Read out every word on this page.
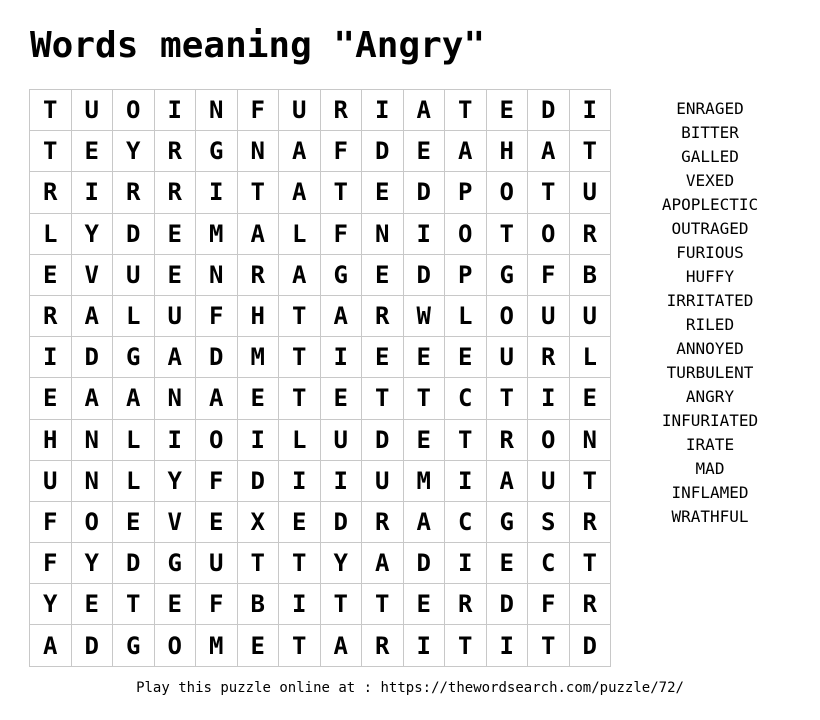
Words meaning "Angry"
T	U	O	I	N	F	U	R	I	A	T	E	D	I
T	E	Y	R	G	N	A	F	D	E	A	H	A	T
R	I	R	R	I	T	A	T	E	D	P	O	T	U
L	Y	D	E	M	A	L	F	N	I	O	T	O	R
E	V	U	E	N	R	A	G	E	D	P	G	F	B
R	A	L	U	F	H	T	A	R	W	L	O	U	U
I	D	G	A	D	M	T	I	E	E	E	U	R	L
E	A	A	N	A	E	T	E	T	T	C	T	I	E
H	N	L	I	O	I	L	U	D	E	T	R	O	N
U	N	L	Y	F	D	I	I	U	M	I	A	U	T
F	O	E	V	E	X	E	D	R	A	C	G	S	R
F	Y	D	G	U	T	T	Y	A	D	I	E	C	T
Y	E	T	E	F	B	I	T	T	E	R	D	F	R
A	D	G	O	M	E	T	A	R	I	T	I	T	D
ENRAGED
BITTER
GALLED
VEXED
APOPLECTIC
OUTRAGED
FURIOUS
HUFFY
IRRITATED
RILED
ANNOYED
TURBULENT
ANGRY
INFURIATED
IRATE
MAD
INFLAMED
WRATHFUL
Play this puzzle online at : https://thewordsearch.com/puzzle/72/
